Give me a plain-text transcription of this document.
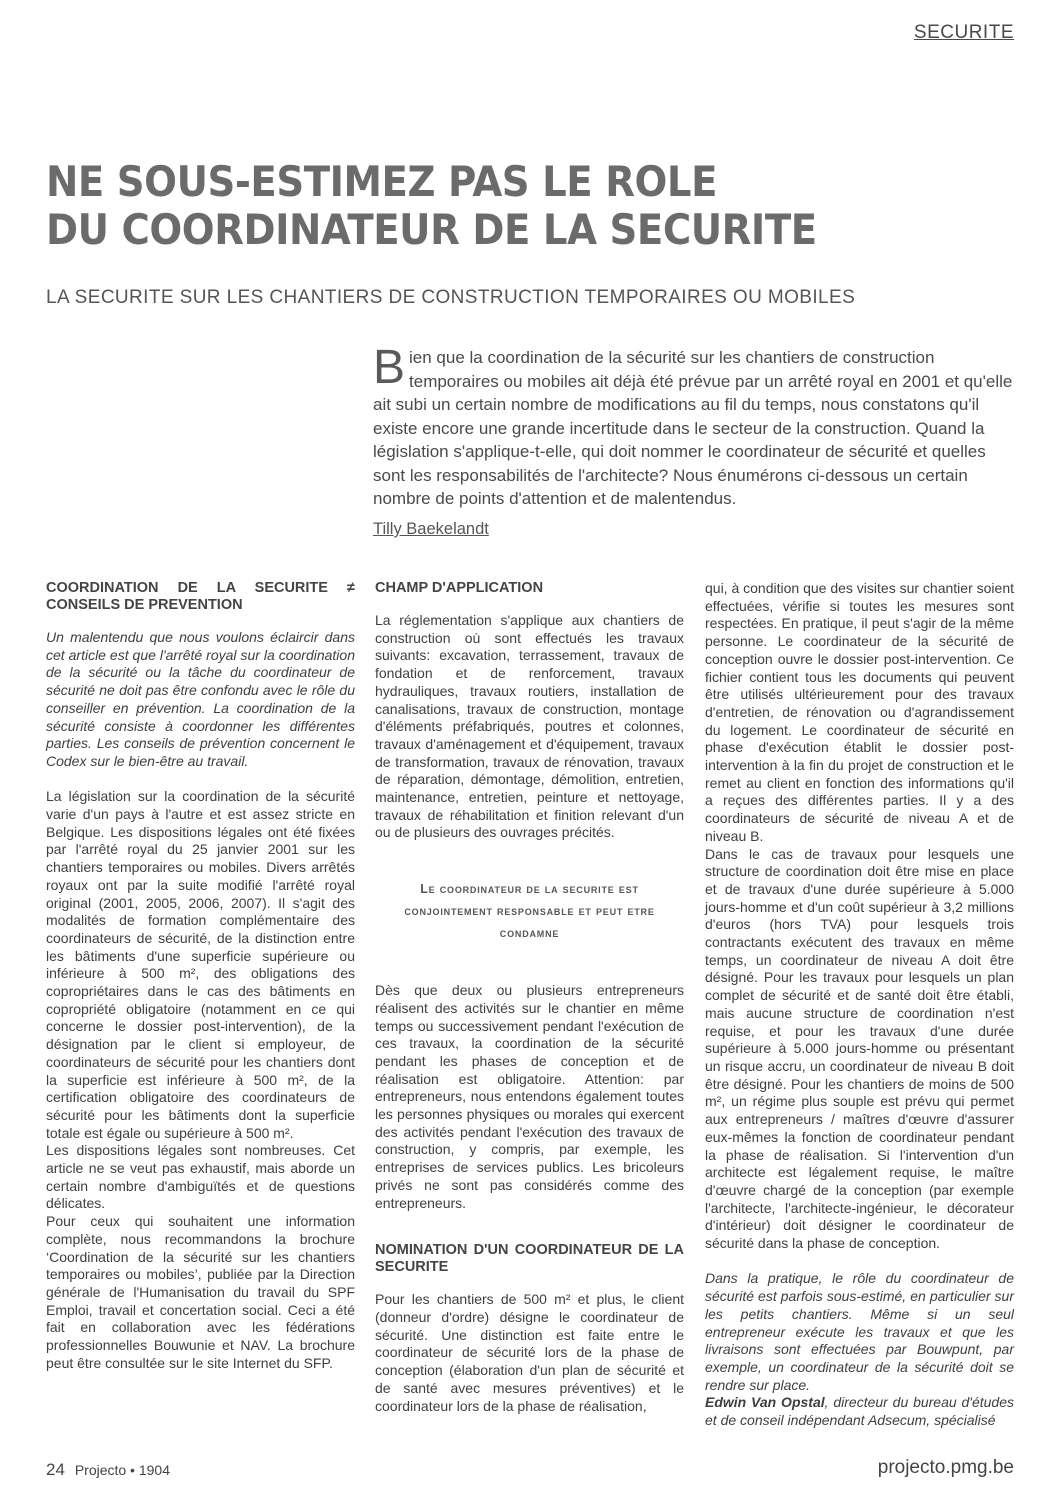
SECURITE
NE SOUS-ESTIMEZ PAS LE ROLE
DU COORDINATEUR DE LA SECURITE
LA SECURITE SUR LES CHANTIERS DE CONSTRUCTION TEMPORAIRES OU MOBILES
Bien que la coordination de la sécurité sur les chantiers de construction temporaires ou mobiles ait déjà été prévue par un arrêté royal en 2001 et qu'elle ait subi un certain nombre de modifications au fil du temps, nous constatons qu'il existe encore une grande incertitude dans le secteur de la construction. Quand la législation s'applique-t-elle, qui doit nommer le coordinateur de sécurité et quelles sont les responsabilités de l'architecte? Nous énumérons ci-dessous un certain nombre de points d'attention et de malentendus.
Tilly Baekelandt
COORDINATION DE LA SECURITE ≠ CONSEILS DE PREVENTION

Un malentendu que nous voulons éclaircir dans cet article est que l'arrêté royal sur la coordination de la sécurité ou la tâche du coordinateur de sécurité ne doit pas être confondu avec le rôle du conseiller en prévention. La coordination de la sécurité consiste à coordonner les différentes parties. Les conseils de prévention concernent le Codex sur le bien-être au travail.

La législation sur la coordination de la sécurité varie d'un pays à l'autre et est assez stricte en Belgique. Les dispositions légales ont été fixées par l'arrêté royal du 25 janvier 2001 sur les chantiers temporaires ou mobiles. Divers arrêtés royaux ont par la suite modifié l'arrêté royal original (2001, 2005, 2006, 2007). Il s'agit des modalités de formation complémentaire des coordinateurs de sécurité, de la distinction entre les bâtiments d'une superficie supérieure ou inférieure à 500 m², des obligations des copropriétaires dans le cas des bâtiments en copropriété obligatoire (notamment en ce qui concerne le dossier post-intervention), de la désignation par le client si employeur, de coordinateurs de sécurité pour les chantiers dont la superficie est inférieure à 500 m², de la certification obligatoire des coordinateurs de sécurité pour les bâtiments dont la superficie totale est égale ou supérieure à 500 m².

Les dispositions légales sont nombreuses. Cet article ne se veut pas exhaustif, mais aborde un certain nombre d'ambiguïtés et de questions délicates.

Pour ceux qui souhaitent une information complète, nous recommandons la brochure ‘Coordination de la sécurité sur les chantiers temporaires ou mobiles’, publiée par la Direction générale de l'Humanisation du travail du SPF Emploi, travail et concertation social. Ceci a été fait en collaboration avec les fédérations professionnelles Bouwunie et NAV. La brochure peut être consultée sur le site Internet du SFP.

CHAMP D'APPLICATION

La réglementation s'applique aux chantiers de construction où sont effectués les travaux suivants: excavation, terrassement, travaux de fondation et de renforcement, travaux hydrauliques, travaux routiers, installation de canalisations, travaux de construction, montage d'éléments préfabriqués, poutres et colonnes, travaux d'aménagement et d'équipement, travaux de transformation, travaux de rénovation, travaux de réparation, démontage, démolition, entretien, maintenance, entretien, peinture et nettoyage, travaux de réhabilitation et finition relevant d'un ou de plusieurs des ouvrages précités.

Le coordinateur de la securite est conjointement responsable et peut etre condamne

Dès que deux ou plusieurs entrepreneurs réalisent des activités sur le chantier en même temps ou successivement pendant l'exécution de ces travaux, la coordination de la sécurité pendant les phases de conception et de réalisation est obligatoire. Attention: par entrepreneurs, nous entendons également toutes les personnes physiques ou morales qui exercent des activités pendant l'exécution des travaux de construction, y compris, par exemple, les entreprises de services publics. Les bricoleurs privés ne sont pas considérés comme des entrepreneurs.

NOMINATION D'UN COORDINATEUR DE LA SECURITE

Pour les chantiers de 500 m² et plus, le client (donneur d'ordre) désigne le coordinateur de sécurité. Une distinction est faite entre le coordinateur de sécurité lors de la phase de conception (élaboration d'un plan de sécurité et de santé avec mesures préventives) et le coordinateur lors de la phase de réalisation,

qui, à condition que des visites sur chantier soient effectuées, vérifie si toutes les mesures sont respectées. En pratique, il peut s'agir de la même personne. Le coordinateur de la sécurité de conception ouvre le dossier post-intervention. Ce fichier contient tous les documents qui peuvent être utilisés ultérieurement pour des travaux d'entretien, de rénovation ou d'agrandissement du logement. Le coordinateur de sécurité en phase d'exécution établit le dossier post-intervention à la fin du projet de construction et le remet au client en fonction des informations qu'il a reçues des différentes parties. Il y a des coordinateurs de sécurité de niveau A et de niveau B.

Dans le cas de travaux pour lesquels une structure de coordination doit être mise en place et de travaux d'une durée supérieure à 5.000 jours-homme et d'un coût supérieur à 3,2 millions d'euros (hors TVA) pour lesquels trois contractants exécutent des travaux en même temps, un coordinateur de niveau A doit être désigné. Pour les travaux pour lesquels un plan complet de sécurité et de santé doit être établi, mais aucune structure de coordination n'est requise, et pour les travaux d'une durée supérieure à 5.000 jours-homme ou présentant un risque accru, un coordinateur de niveau B doit être désigné. Pour les chantiers de moins de 500 m², un régime plus souple est prévu qui permet aux entrepreneurs / maîtres d'œuvre d'assurer eux-mêmes la fonction de coordinateur pendant la phase de réalisation. Si l'intervention d'un architecte est légalement requise, le maître d'œuvre chargé de la conception (par exemple l'architecte, l'architecte-ingénieur, le décorateur d'intérieur) doit désigner le coordinateur de sécurité dans la phase de conception.

Dans la pratique, le rôle du coordinateur de sécurité est parfois sous-estimé, en particulier sur les petits chantiers. Même si un seul entrepreneur exécute les travaux et que les livraisons sont effectuées par Bouwpunt, par exemple, un coordinateur de la sécurité doit se rendre sur place.

Edwin Van Opstal, directeur du bureau d'études et de conseil indépendant Adsecum, spécialisé

24 Projecto • 1904	projecto.pmg.be
